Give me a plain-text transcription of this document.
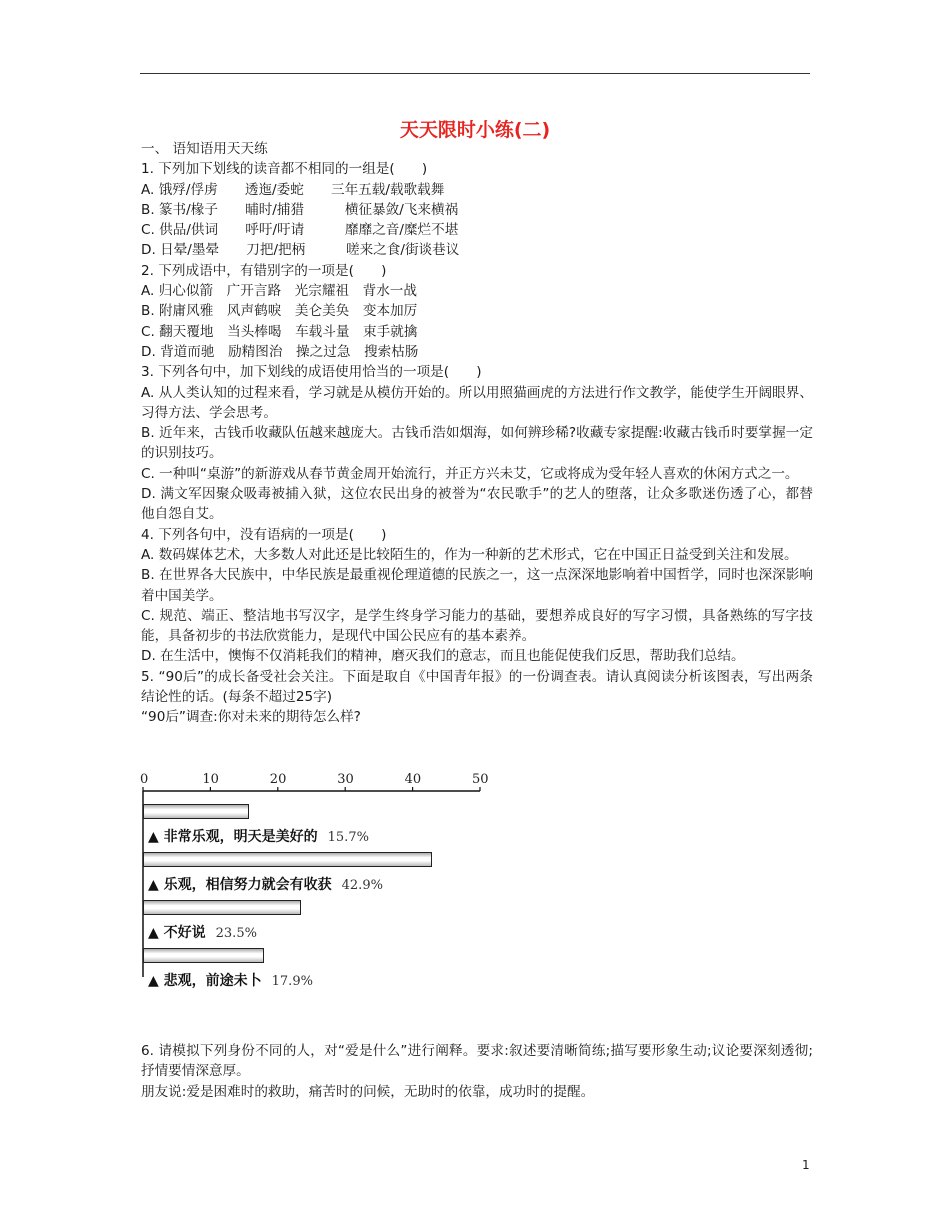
天天限时小练(二)

一、 语知语用天天练

1. 下列加下划线的读音都不相同的一组是(　　)

A. 饿殍/俘虏　　透迤/委蛇　　三年五载/载歌载舞

B. 篆书/椽子　　晡时/捕猎　　　横征暴敛/飞来横祸

C. 供品/供词　　呼吁/吁请　　　靡靡之音/糜烂不堪

D. 日晕/墨晕　　刀把/把柄　　　嗟来之食/街谈巷议

2. 下列成语中，有错别字的一项是(　　)

A. 归心似箭　广开言路　光宗耀祖　背水一战

B. 附庸风雅　风声鹤唳　美仑美奂　变本加厉

C. 翻天覆地　当头棒喝　车载斗量　束手就擒

D. 背道而驰　励精图治　操之过急　搜索枯肠

3. 下列各句中，加下划线的成语使用恰当的一项是(　　)

A. 从人类认知的过程来看，学习就是从模仿开始的。所以用照猫画虎的方法进行作文教学，能使学生开阔眼界、习得方法、学会思考。

B. 近年来，古钱币收藏队伍越来越庞大。古钱币浩如烟海，如何辨珍稀?收藏专家提醒:收藏古钱币时要掌握一定的识别技巧。

C. 一种叫“桌游”的新游戏从春节黄金周开始流行，并正方兴未艾，它或将成为受年轻人喜欢的休闲方式之一。

D. 满文军因聚众吸毒被捕入狱，这位农民出身的被誉为“农民歌手”的艺人的堕落，让众多歌迷伤透了心，都替他自怨自艾。

4. 下列各句中，没有语病的一项是(　　)

A. 数码媒体艺术，大多数人对此还是比较陌生的，作为一种新的艺术形式，它在中国正日益受到关注和发展。

B. 在世界各大民族中，中华民族是最重视伦理道德的民族之一，这一点深深地影响着中国哲学，同时也深深影响着中国美学。

C. 规范、端正、整洁地书写汉字，是学生终身学习能力的基础，要想养成良好的写字习惯，具备熟练的写字技能，具备初步的书法欣赏能力，是现代中国公民应有的基本素养。

D. 在生活中，懊悔不仅消耗我们的精神，磨灭我们的意志，而且也能促使我们反思，帮助我们总结。

5. “90后”的成长备受社会关注。下面是取自《中国青年报》的一份调查表。请认真阅读分析该图表，写出两条结论性的话。(每条不超过25字)

“90后”调查:你对未来的期待怎么样?

0	10	20	30	40	50
▲ 非常乐观，明天是美好的 15.7%
▲ 乐观，相信努力就会有收获 42.9%
▲ 不好说 23.5%
▲ 悲观，前途未卜 17.9%

6. 请模拟下列身份不同的人，对“爱是什么”进行阐释。要求:叙述要清晰简练;描写要形象生动;议论要深刻透彻;抒情要情深意厚。

朋友说:爱是困难时的救助，痛苦时的问候，无助时的依靠，成功时的提醒。

1
